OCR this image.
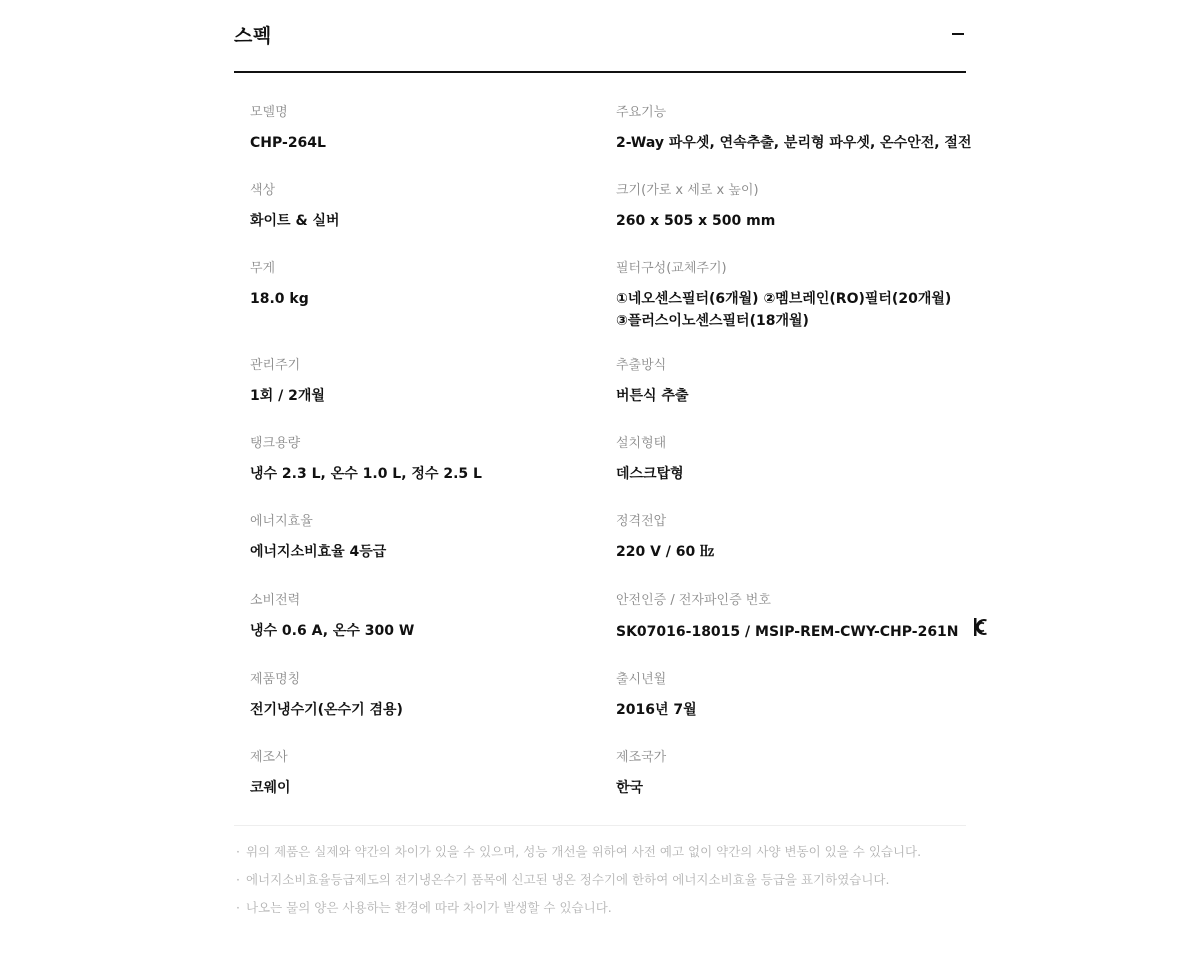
스펙
모델명
CHP-264L
주요기능
2-Way 파우셋, 연속추출, 분리형 파우셋, 온수안전, 절전
색상
화이트 & 실버
크기(가로 x 세로 x 높이)
260 x 505 x 500 mm
무게
18.0 kg
필터구성(교체주기)
①네오센스필터(6개월) ②멤브레인(RO)필터(20개월)
③플러스이노센스필터(18개월)
관리주기
1회 / 2개월
추출방식
버튼식 추출
탱크용량
냉수 2.3 L, 온수 1.0 L, 정수 2.5 L
설치형태
데스크탑형
에너지효율
에너지소비효율 4등급
정격전압
220 V / 60 ㎐
소비전력
냉수 0.6 A, 온수 300 W
안전인증 / 전자파인증 번호
SK07016-18015 / MSIP-REM-CWY-CHP-261N
제품명칭
전기냉수기(온수기 겸용)
출시년월
2016년 7월
제조사
코웨이
제조국가
한국
· 위의 제품은 실제와 약간의 차이가 있을 수 있으며, 성능 개선을 위하여 사전 예고 없이 약간의 사양 변동이 있을 수 있습니다.
· 에너지소비효율등급제도의 전기냉온수기 품목에 신고된 냉온 정수기에 한하여 에너지소비효율 등급을 표기하였습니다.
· 나오는 물의 양은 사용하는 환경에 따라 차이가 발생할 수 있습니다.
